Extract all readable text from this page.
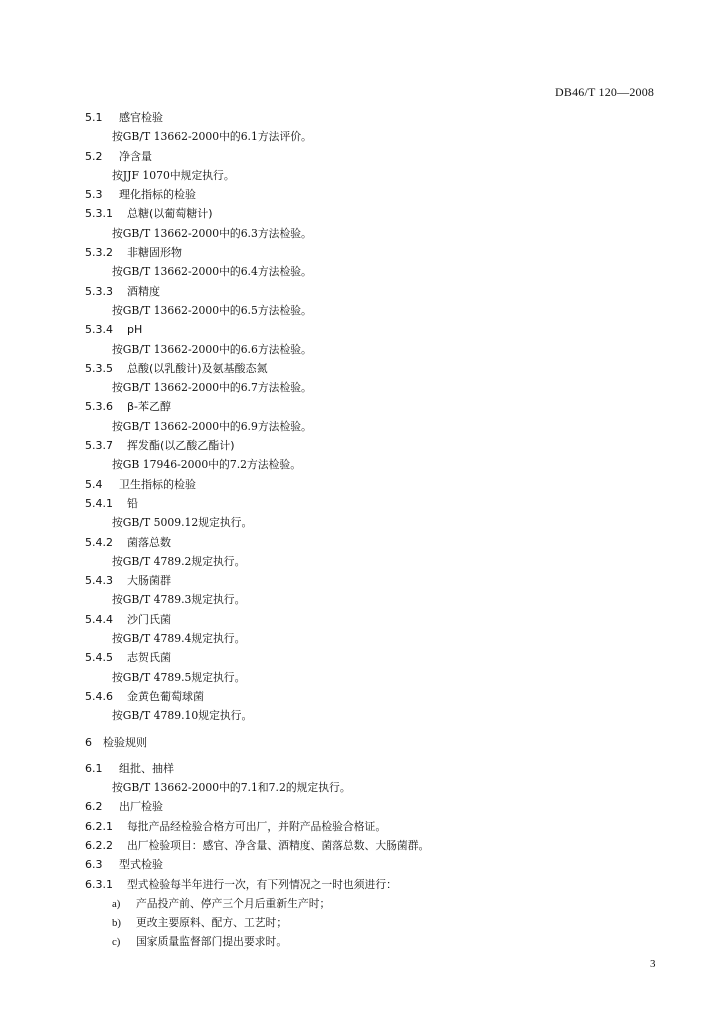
DB46/T 120—2008
5.1 感官检验
按GB/T 13662-2000中的6.1方法评价。
5.2 净含量
按JJF 1070中规定执行。
5.3 理化指标的检验
5.3.1 总糖(以葡萄糖计)
按GB/T 13662-2000中的6.3方法检验。
5.3.2 非糖固形物
按GB/T 13662-2000中的6.4方法检验。
5.3.3 酒精度
按GB/T 13662-2000中的6.5方法检验。
5.3.4 pH
按GB/T 13662-2000中的6.6方法检验。
5.3.5 总酸(以乳酸计)及氨基酸态氮
按GB/T 13662-2000中的6.7方法检验。
5.3.6 β-苯乙醇
按GB/T 13662-2000中的6.9方法检验。
5.3.7 挥发酯(以乙酸乙酯计)
按GB 17946-2000中的7.2方法检验。
5.4 卫生指标的检验
5.4.1 铅
按GB/T 5009.12规定执行。
5.4.2 菌落总数
按GB/T 4789.2规定执行。
5.4.3 大肠菌群
按GB/T 4789.3规定执行。
5.4.4 沙门氏菌
按GB/T 4789.4规定执行。
5.4.5 志贺氏菌
按GB/T 4789.5规定执行。
5.4.6 金黄色葡萄球菌
按GB/T 4789.10规定执行。
6 检验规则
6.1 组批、抽样
按GB/T 13662-2000中的7.1和7.2的规定执行。
6.2 出厂检验
6.2.1 每批产品经检验合格方可出厂，并附产品检验合格证。
6.2.2 出厂检验项目：感官、净含量、酒精度、菌落总数、大肠菌群。
6.3 型式检验
6.3.1 型式检验每半年进行一次，有下列情况之一时也须进行：
a) 产品投产前、停产三个月后重新生产时；
b) 更改主要原料、配方、工艺时；
c) 国家质量监督部门提出要求时。
3
